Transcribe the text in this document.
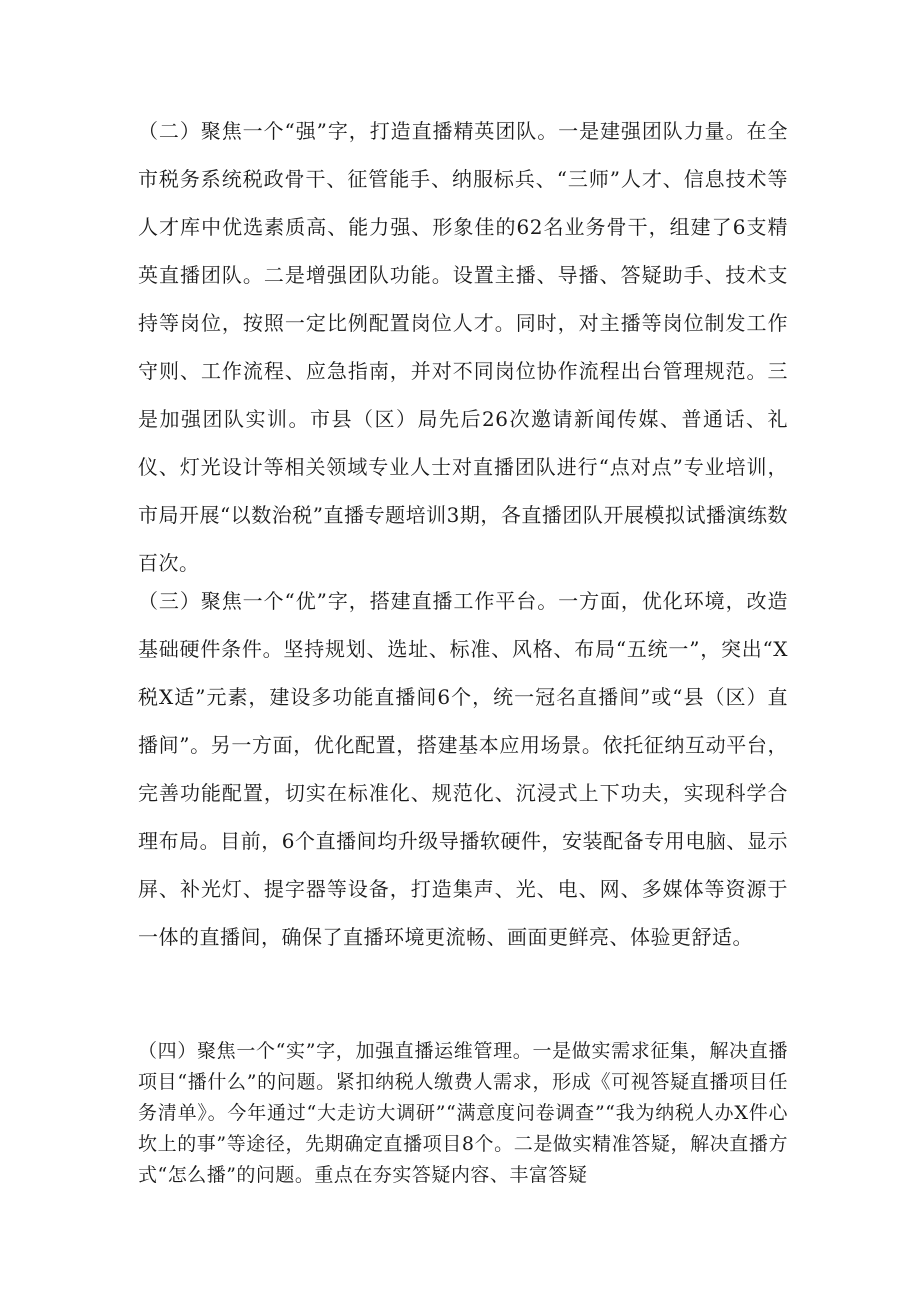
（二）聚焦一个“强”字，打造直播精英团队。一是建强团队力量。在全市税务系统税政骨干、征管能手、纳服标兵、“三师”人才、信息技术等人才库中优选素质高、能力强、形象佳的62名业务骨干，组建了6支精英直播团队。二是增强团队功能。设置主播、导播、答疑助手、技术支持等岗位，按照一定比例配置岗位人才。同时，对主播等岗位制发工作守则、工作流程、应急指南，并对不同岗位协作流程出台管理规范。三是加强团队实训。市县（区）局先后26次邀请新闻传媒、普通话、礼仪、灯光设计等相关领域专业人士对直播团队进行“点对点”专业培训，市局开展“以数治税”直播专题培训3期，各直播团队开展模拟试播演练数百次。

（三）聚焦一个“优”字，搭建直播工作平台。一方面，优化环境，改造基础硬件条件。坚持规划、选址、标准、风格、布局“五统一”，突出“X税X适”元素，建设多功能直播间6个，统一冠名直播间”或“县（区）直播间”。另一方面，优化配置，搭建基本应用场景。依托征纳互动平台，完善功能配置，切实在标准化、规范化、沉浸式上下功夫，实现科学合理布局。目前，6个直播间均升级导播软硬件，安装配备专用电脑、显示屏、补光灯、提字器等设备，打造集声、光、电、网、多媒体等资源于一体的直播间，确保了直播环境更流畅、画面更鲜亮、体验更舒适。

（四）聚焦一个“实”字，加强直播运维管理。一是做实需求征集，解决直播项目“播什么”的问题。紧扣纳税人缴费人需求，形成《可视答疑直播项目任务清单》。今年通过“大走访大调研”“满意度问卷调查”“我为纳税人办X件心坎上的事”等途径，先期确定直播项目8个。二是做实精准答疑，解决直播方式“怎么播”的问题。重点在夯实答疑内容、丰富答疑
